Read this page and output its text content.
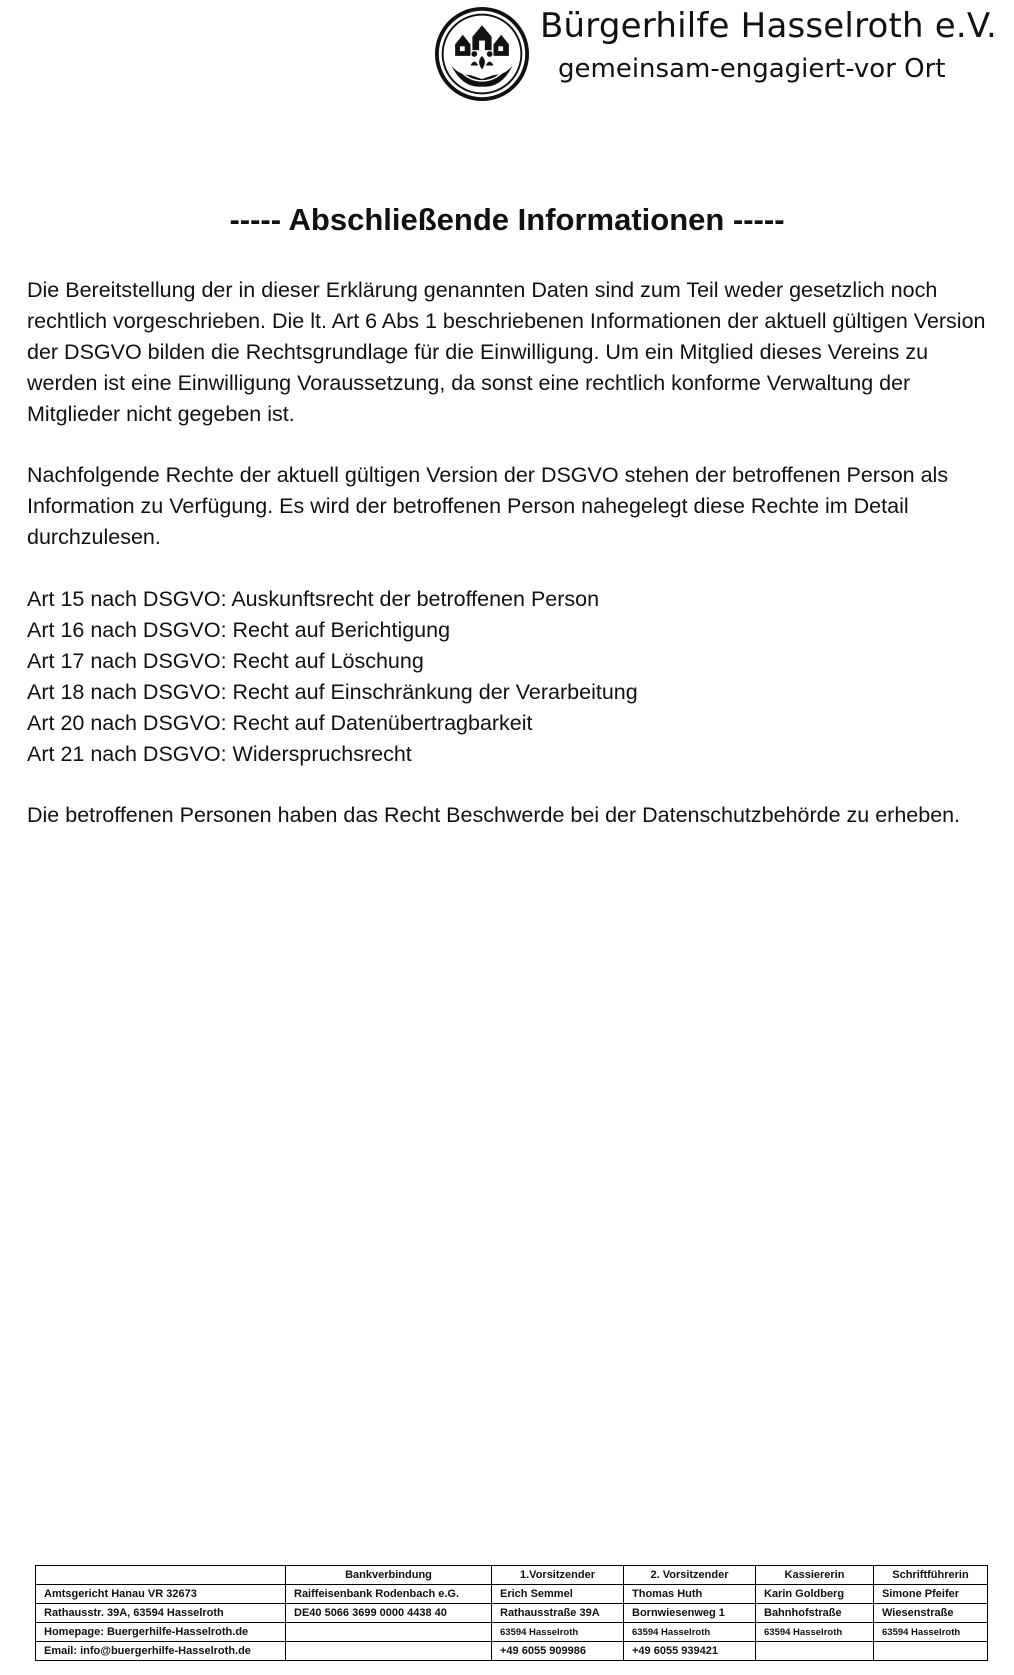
Bürgerhilfe Hasselroth e.V.
gemeinsam-engagiert-vor Ort
----- Abschließende Informationen -----

Die Bereitstellung der in dieser Erklärung genannten Daten sind zum Teil weder gesetzlich noch rechtlich vorgeschrieben. Die lt. Art 6 Abs 1 beschriebenen Informationen der aktuell gültigen Version der DSGVO bilden die Rechtsgrundlage für die Einwilligung. Um ein Mitglied dieses Vereins zu werden ist eine Einwilligung Voraussetzung, da sonst eine rechtlich konforme Verwaltung der Mitglieder nicht gegeben ist.

Nachfolgende Rechte der aktuell gültigen Version der DSGVO stehen der betroffenen Person als Information zu Verfügung. Es wird der betroffenen Person nahegelegt diese Rechte im Detail durchzulesen.

Art 15 nach DSGVO: Auskunftsrecht der betroffenen Person
Art 16 nach DSGVO: Recht auf Berichtigung
Art 17 nach DSGVO: Recht auf Löschung
Art 18 nach DSGVO: Recht auf Einschränkung der Verarbeitung
Art 20 nach DSGVO: Recht auf Datenübertragbarkeit
Art 21 nach DSGVO: Widerspruchsrecht

Die betroffenen Personen haben das Recht Beschwerde bei der Datenschutzbehörde zu erheben.

	Bankverbindung	1.Vorsitzender	2. Vorsitzender	Kassiererin	Schriftführerin
Amtsgericht Hanau VR 32673	Raiffeisenbank Rodenbach e.G.	Erich Semmel	Thomas Huth	Karin Goldberg	Simone Pfeifer
Rathausstr. 39A, 63594 Hasselroth	DE40 5066 3699 0000 4438 40	Rathausstraße 39A	Bornwiesenweg 1	Bahnhofstraße	Wiesenstraße
Homepage: Buergerhilfe-Hasselroth.de		63594 Hasselroth	63594 Hasselroth	63594 Hasselroth	63594 Hasselroth
Email: info@buergerhilfe-Hasselroth.de		+49 6055 909986	+49 6055 939421		
